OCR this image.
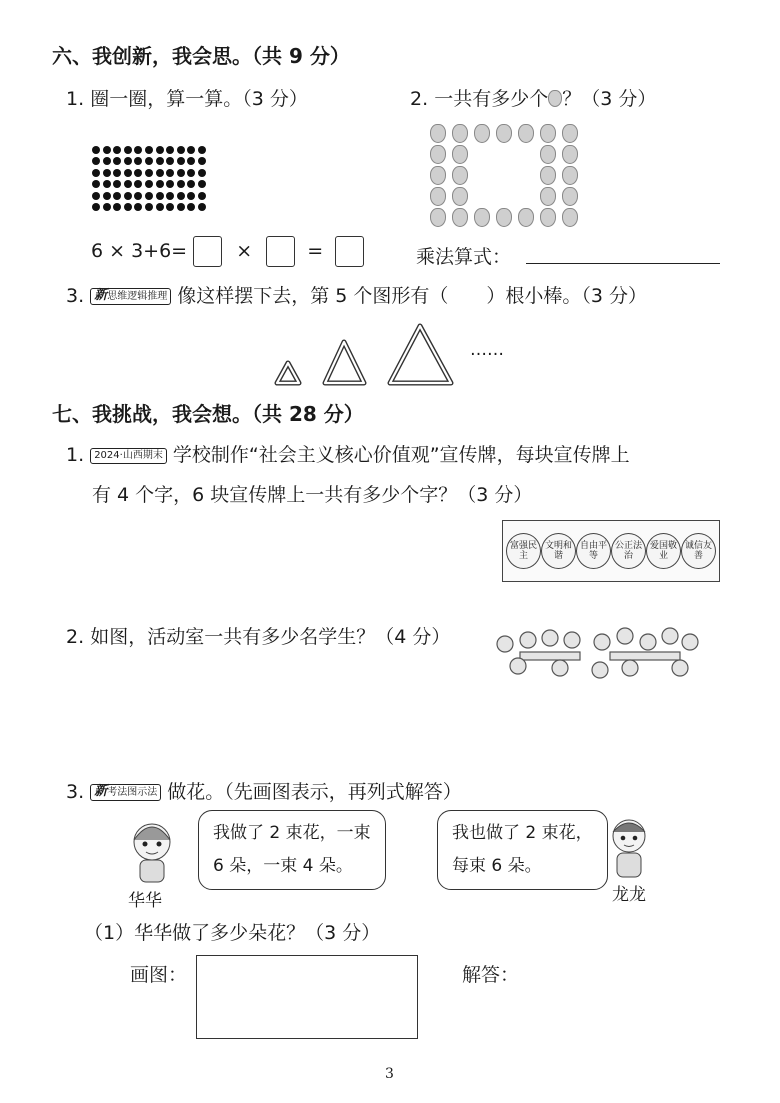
六、我创新，我会思。（共 9 分）
1. 圈一圈，算一算。（3 分）
6 × 3+6=	×	=
2. 一共有多少个 ？（3 分）
乘法算式：
3. 新思维逻辑推理 像这样摆下去，第 5 个图形有（　　）根小棒。（3 分）
……
七、我挑战，我会想。（共 28 分）
1. 2024·山西期末 学校制作“社会主义核心价值观”宣传牌，每块宣传牌上
有 4 个字，6 块宣传牌上一共有多少个字？（3 分）
富强民主
文明和谐
自由平等
公正法治
爱国敬业
诚信友善
2. 如图，活动室一共有多少名学生？（4 分）
3. 新考法图示法 做花。（先画图表示，再列式解答）
华华
我做了 2 束花，一束
6 朵，一束 4 朵。
我也做了 2 束花，
每束 6 朵。
龙龙
（1）华华做了多少朵花？（3 分）
画图：	解答：
3
